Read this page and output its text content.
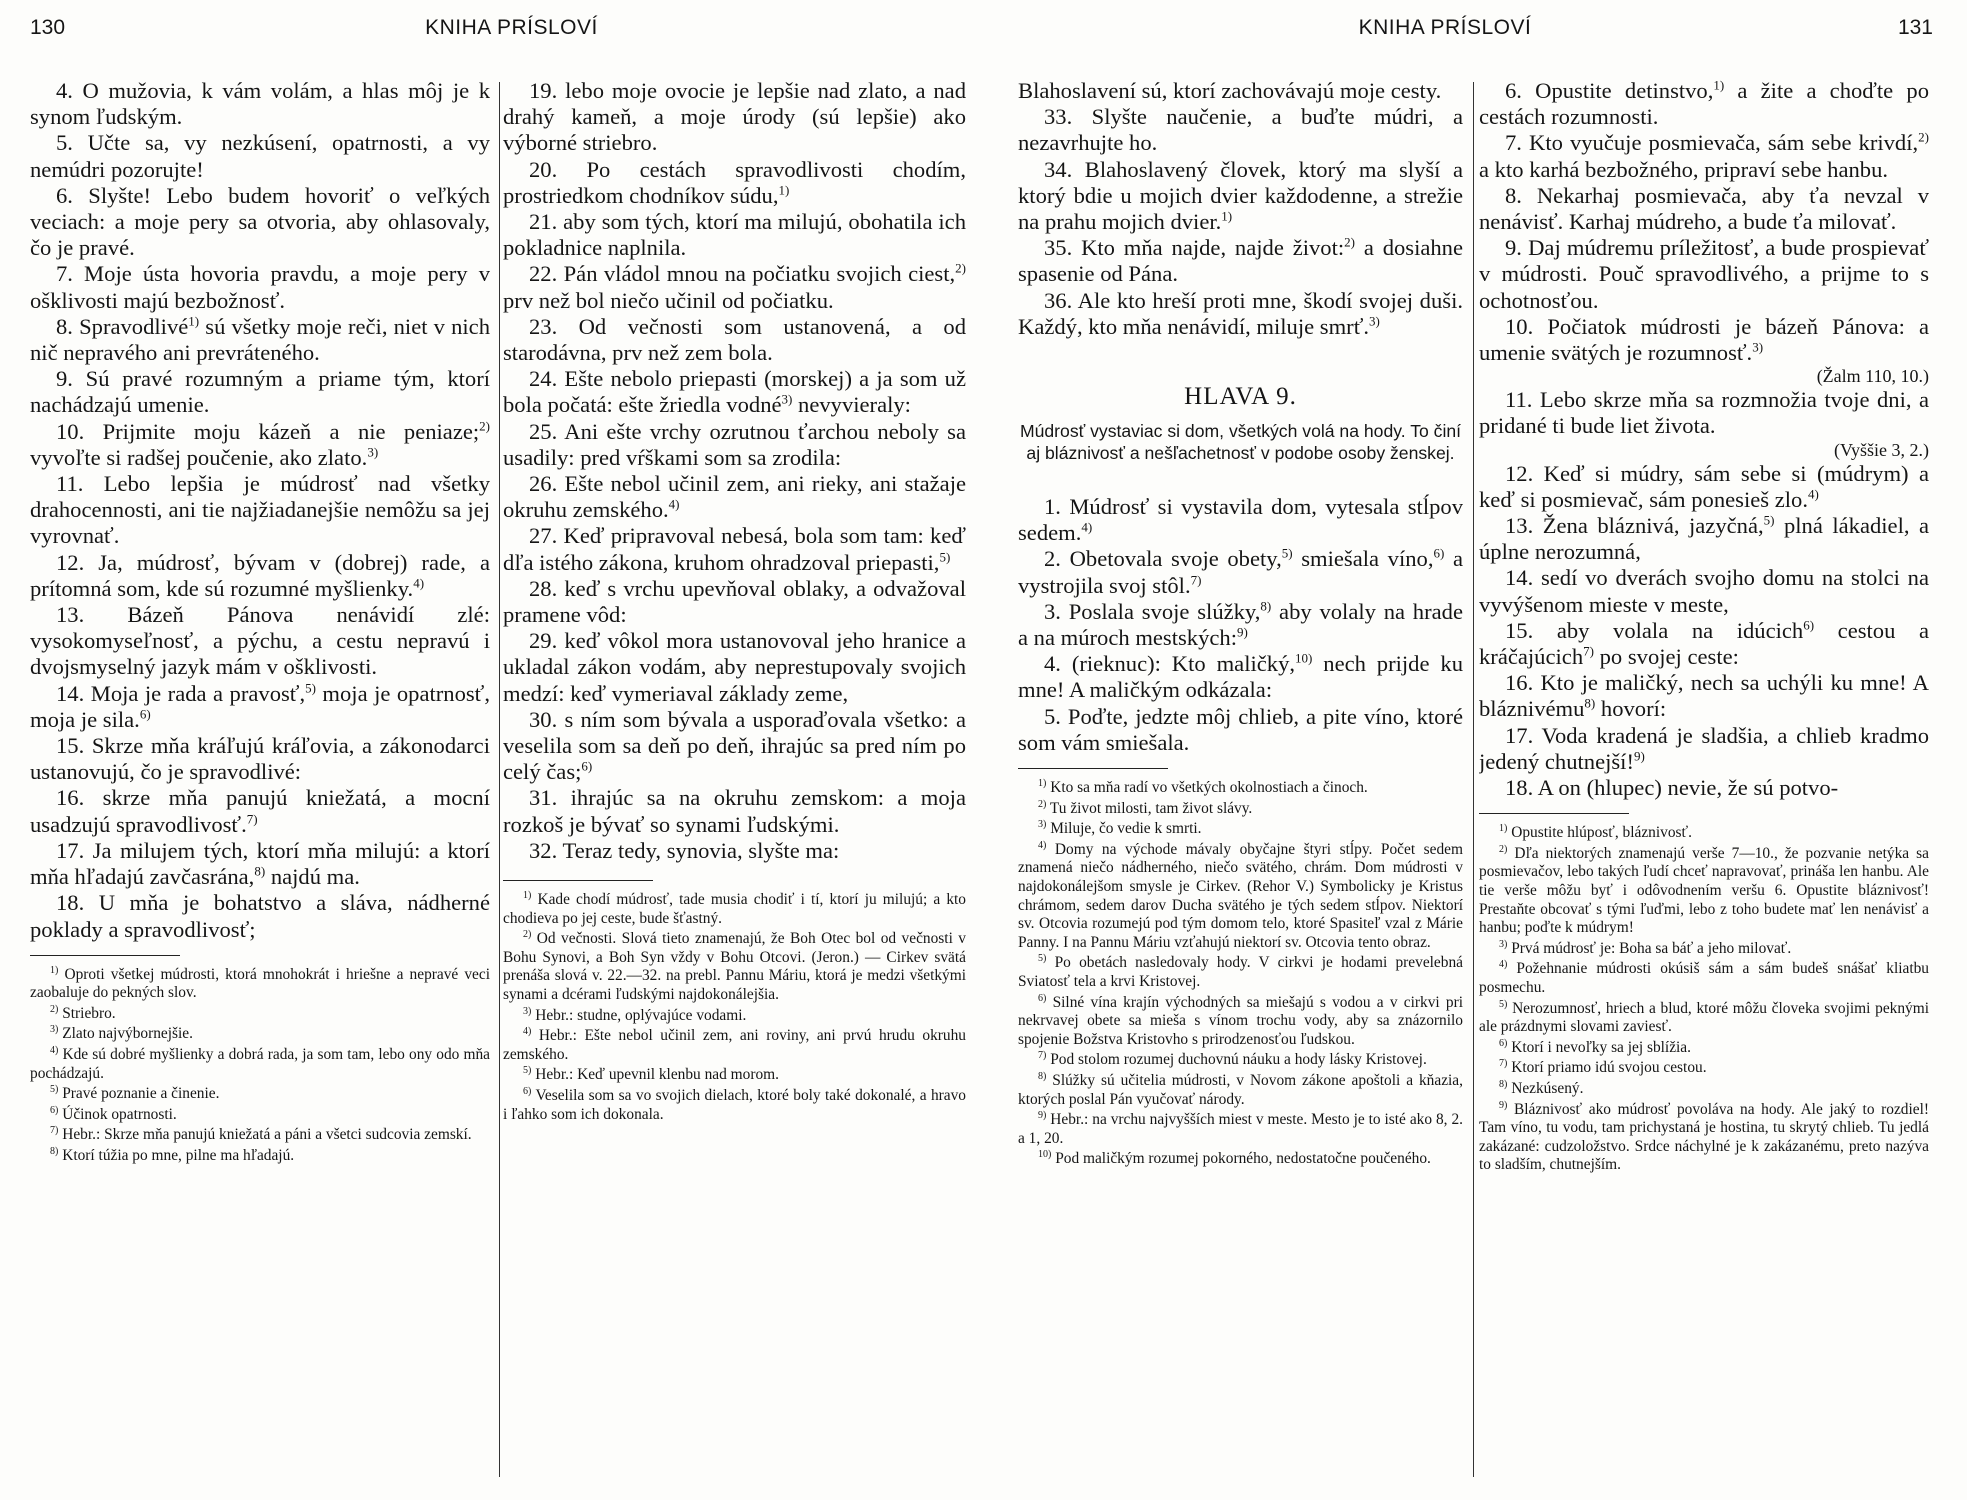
130	KNIHA PRÍSLOVÍ

4. O mužovia, k vám volám, a hlas môj je k synom ľudským.

5. Učte sa, vy nezkúsení, opatrnosti, a vy nemúdri pozorujte!

6. Slyšte! Lebo budem hovoriť o veľkých veciach: a moje pery sa otvoria, aby ohlasovaly, čo je pravé.

7. Moje ústa hovoria pravdu, a moje pery v ošklivosti majú bezbožnosť.

8. Spravodlivé$^{1)}$ sú všetky moje reči, niet v nich nič nepravého ani prevráteného.

9. Sú pravé rozumným a priame tým, ktorí nachádzajú umenie.

10. Prijmite moju kázeň a nie peniaze;$^{2)}$ vyvoľte si radšej poučenie, ako zlato.$^{3)}$

11. Lebo lepšia je múdrosť nad všetky drahocennosti, ani tie najžiadanejšie nemôžu sa jej vyrovnať.

12. Ja, múdrosť, bývam v (dobrej) rade, a prítomná som, kde sú rozumné myšlienky.$^{4)}$

13. Bázeň Pánova nenávidí zlé: vysokomyseľnosť, a pýchu, a cestu nepravú i dvojsmyselný jazyk mám v ošklivosti.

14. Moja je rada a pravosť,$^{5)}$ moja je opatrnosť, moja je sila.$^{6)}$

15. Skrze mňa kráľujú kráľovia, a zákonodarci ustanovujú, čo je spravodlivé:

16. skrze mňa panujú kniežatá, a mocní usadzujú spravodlivosť.$^{7)}$

17. Ja milujem tých, ktorí mňa milujú: a ktorí mňa hľadajú zavčasrána,$^{8)}$ najdú ma.

18. U mňa je bohatstvo a sláva, nádherné poklady a spravodlivosť;

$^{1)}$ Oproti všetkej múdrosti, ktorá mnohokrát i hriešne a nepravé veci zaobaluje do pekných slov.

$^{2)}$ Striebro.

$^{3)}$ Zlato najvýbornejšie.

$^{4)}$ Kde sú dobré myšlienky a dobrá rada, ja som tam, lebo ony odo mňa pochádzajú.

$^{5)}$ Pravé poznanie a činenie.

$^{6)}$ Účinok opatrnosti.

$^{7)}$ Hebr.: Skrze mňa panujú kniežatá a páni a všetci sudcovia zemskí.

$^{8)}$ Ktorí túžia po mne, pilne ma hľadajú.

19. lebo moje ovocie je lepšie nad zlato, a nad drahý kameň, a moje úrody (sú lepšie) ako výborné striebro.

20. Po cestách spravodlivosti chodím, prostriedkom chodníkov súdu,$^{1)}$

21. aby som tých, ktorí ma milujú, obohatila ich pokladnice naplnila.

22. Pán vládol mnou na počiatku svojich ciest,$^{2)}$ prv než bol niečo učinil od počiatku.

23. Od večnosti som ustanovená, a od starodávna, prv než zem bola.

24. Ešte nebolo priepasti (morskej) a ja som už bola počatá: ešte žriedla vodné$^{3)}$ nevyvieraly:

25. Ani ešte vrchy ozrutnou ťarchou neboly sa usadily: pred vŕškami som sa zrodila:

26. Ešte nebol učinil zem, ani rieky, ani stažaje okruhu zemského.$^{4)}$

27. Keď pripravoval nebesá, bola som tam: keď dľa istého zákona, kruhom ohradzoval priepasti,$^{5)}$

28. keď s vrchu upevňoval oblaky, a odvažoval pramene vôd:

29. keď vôkol mora ustanovoval jeho hranice a ukladal zákon vodám, aby neprestupovaly svojich medzí: keď vymeriaval základy zeme,

30. s ním som bývala a usporaďovala všetko: a veselila som sa deň po deň, ihrajúc sa pred ním po celý čas;$^{6)}$

31. ihrajúc sa na okruhu zemskom: a moja rozkoš je bývať so synami ľudskými.

32. Teraz tedy, synovia, slyšte ma:

$^{1)}$ Kade chodí múdrosť, tade musia chodiť i tí, ktorí ju milujú; a kto chodieva po jej ceste, bude šťastný.

$^{2)}$ Od večnosti. Slová tieto znamenajú, že Boh Otec bol od večnosti v Bohu Synovi, a Boh Syn vždy v Bohu Otcovi. (Jeron.) — Cirkev svätá prenáša slová v. 22.—32. na prebl. Pannu Máriu, ktorá je medzi všetkými synami a dcérami ľudskými najdokonálejšia.

$^{3)}$ Hebr.: studne, oplývajúce vodami.

$^{4)}$ Hebr.: Ešte nebol učinil zem, ani roviny, ani prvú hrudu okruhu zemského.

$^{5)}$ Hebr.: Keď upevnil klenbu nad morom.

$^{6)}$ Veselila som sa vo svojich dielach, ktoré boly také dokonalé, a hravo i ľahko som ich dokonala.

KNIHA PRÍSLOVÍ	131

Blahoslavení sú, ktorí zachovávajú moje cesty.

33. Slyšte naučenie, a buďte múdri, a nezavrhujte ho.

34. Blahoslavený človek, ktorý ma slyší a ktorý bdie u mojich dvier každodenne, a strežie na prahu mojich dvier.$^{1)}$

35. Kto mňa najde, najde život:$^{2)}$ a dosiahne spasenie od Pána.

36. Ale kto hreší proti mne, škodí svojej duši. Každý, kto mňa nenávidí, miluje smrť.$^{3)}$

HLAVA 9.
Múdrosť vystaviac si dom, všetkých volá na hody. To činí aj bláznivosť a nešľachetnosť v podobe osoby ženskej.

1. Múdrosť si vystavila dom, vytesala stĺpov sedem.$^{4)}$

2. Obetovala svoje obety,$^{5)}$ smiešala víno,$^{6)}$ a vystrojila svoj stôl.$^{7)}$

3. Poslala svoje slúžky,$^{8)}$ aby volaly na hrade a na múroch mestských:$^{9)}$

4. (rieknuc): Kto maličký,$^{10)}$ nech prijde ku mne! A maličkým odkázala:

5. Poďte, jedzte môj chlieb, a pite víno, ktoré som vám smiešala.

$^{1)}$ Kto sa mňa radí vo všetkých okolnostiach a činoch.

$^{2)}$ Tu život milosti, tam život slávy.

$^{3)}$ Miluje, čo vedie k smrti.

$^{4)}$ Domy na východe mávaly obyčajne štyri stĺpy. Počet sedem znamená niečo nádherného, niečo svätého, chrám. Dom múdrosti v najdokonálejšom smysle je Cirkev. (Rehor V.) Symbolicky je Kristus chrámom, sedem darov Ducha svätého je tých sedem stĺpov. Niektorí sv. Otcovia rozumejú pod tým domom telo, ktoré Spasiteľ vzal z Márie Panny. I na Pannu Máriu vzťahujú niektorí sv. Otcovia tento obraz.

$^{5)}$ Po obetách nasledovaly hody. V cirkvi je hodami prevelebná Sviatosť tela a krvi Kristovej.

$^{6)}$ Silné vína krajín východných sa miešajú s vodou a v cirkvi pri nekrvavej obete sa mieša s vínom trochu vody, aby sa znázornilo spojenie Božstva Kristovho s prirodzenosťou ľudskou.

$^{7)}$ Pod stolom rozumej duchovnú náuku a hody lásky Kristovej.

$^{8)}$ Slúžky sú učitelia múdrosti, v Novom zákone apoštoli a kňazia, ktorých poslal Pán vyučovať národy.

$^{9)}$ Hebr.: na vrchu najvyšších miest v meste. Mesto je to isté ako 8, 2. a 1, 20.

$^{10)}$ Pod maličkým rozumej pokorného, nedostatočne poučeného.

6. Opustite detinstvo,$^{1)}$ a žite a choďte po cestách rozumnosti.

7. Kto vyučuje posmievača, sám sebe krivdí,$^{2)}$ a kto karhá bezbožného, pripraví sebe hanbu.

8. Nekarhaj posmievača, aby ťa nevzal v nenávisť. Karhaj múdreho, a bude ťa milovať.

9. Daj múdremu príležitosť, a bude prospievať v múdrosti. Pouč spravodlivého, a prijme to s ochotnosťou.

10. Počiatok múdrosti je bázeň Pánova: a umenie svätých je rozumnosť.$^{3)}$

(Žalm 110, 10.)

11. Lebo skrze mňa sa rozmnožia tvoje dni, a pridané ti bude liet života.

(Vyššie 3, 2.)

12. Keď si múdry, sám sebe si (múdrym) a keď si posmievač, sám ponesieš zlo.$^{4)}$

13. Žena bláznivá, jazyčná,$^{5)}$ plná lákadiel, a úplne nerozumná,

14. sedí vo dverách svojho domu na stolci na vyvýšenom mieste v meste,

15. aby volala na idúcich$^{6)}$ cestou a kráčajúcich$^{7)}$ po svojej ceste:

16. Kto je maličký, nech sa uchýli ku mne! A bláznivému$^{8)}$ hovorí:

17. Voda kradená je sladšia, a chlieb kradmo jedený chutnejší!$^{9)}$

18. A on (hlupec) nevie, že sú potvo-

$^{1)}$ Opustite hlúposť, bláznivosť.

$^{2)}$ Dľa niektorých znamenajú verše 7—10., že pozvanie netýka sa posmievačov, lebo takých ľudí chceť napravovať, prináša len hanbu. Ale tie verše môžu byť i odôvodnením veršu 6. Opustite bláznivosť! Prestaňte obcovať s tými ľuďmi, lebo z toho budete mať len nenávisť a hanbu; poďte k múdrym!

$^{3)}$ Prvá múdrosť je: Boha sa báť a jeho milovať.

$^{4)}$ Požehnanie múdrosti okúsiš sám a sám budeš snášať kliatbu posmechu.

$^{5)}$ Nerozumnosť, hriech a blud, ktoré môžu človeka svojimi peknými ale prázdnymi slovami zaviesť.

$^{6)}$ Ktorí i nevoľky sa jej sblížia.

$^{7)}$ Ktorí priamo idú svojou cestou.

$^{8)}$ Nezkúsený.

$^{9)}$ Bláznivosť ako múdrosť povoláva na hody. Ale jaký to rozdiel! Tam víno, tu vodu, tam prichystaná je hostina, tu skrytý chlieb. Tu jedlá zakázané: cudzoložstvo. Srdce náchylné je k zakázanému, preto nazýva to sladším, chutnejším.
